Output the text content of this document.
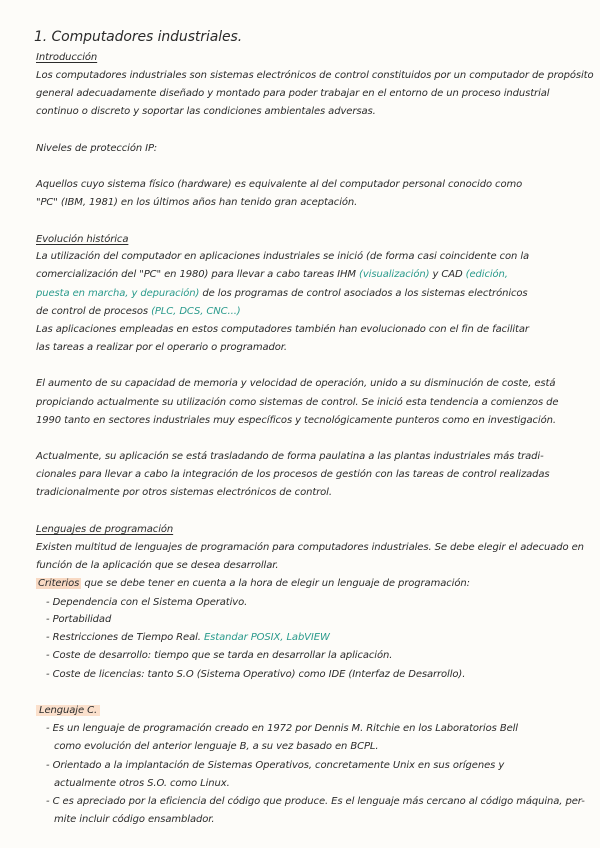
1. Computadores industriales.
Introducción
Los computadores industriales son sistemas electrónicos de control constituidos por un computador de propósito
general adecuadamente diseñado y montado para poder trabajar en el entorno de un proceso industrial
continuo o discreto y soportar las condiciones ambientales adversas.
Niveles de protección IP:
Aquellos cuyo sistema físico (hardware) es equivalente al del computador personal conocido como
"PC" (IBM, 1981) en los últimos años han tenido gran aceptación.
Evolución histórica
La utilización del computador en aplicaciones industriales se inició (de forma casi coincidente con la
comercialización del "PC" en 1980) para llevar a cabo tareas IHM (visualización) y CAD (edición,
puesta en marcha, y depuración) de los programas de control asociados a los sistemas electrónicos
de control de procesos (PLC, DCS, CNC...)
Las aplicaciones empleadas en estos computadores también han evolucionado con el fin de facilitar
las tareas a realizar por el operario o programador.
El aumento de su capacidad de memoria y velocidad de operación, unido a su disminución de coste, está
propiciando actualmente su utilización como sistemas de control. Se inició esta tendencia a comienzos de
1990 tanto en sectores industriales muy específicos y tecnológicamente punteros como en investigación.
Actualmente, su aplicación se está trasladando de forma paulatina a las plantas industriales más tradi-
cionales para llevar a cabo la integración de los procesos de gestión con las tareas de control realizadas
tradicionalmente por otros sistemas electrónicos de control.
Lenguajes de programación
Existen multitud de lenguajes de programación para computadores industriales. Se debe elegir el adecuado en
función de la aplicación que se desea desarrollar.
Criterios que se debe tener en cuenta a la hora de elegir un lenguaje de programación:
- Dependencia con el Sistema Operativo.
- Portabilidad
- Restricciones de Tiempo Real. Estandar POSIX, LabVIEW
- Coste de desarrollo: tiempo que se tarda en desarrollar la aplicación.
- Coste de licencias: tanto S.O (Sistema Operativo) como IDE (Interfaz de Desarrollo).
Lenguaje C.
- Es un lenguaje de programación creado en 1972 por Dennis M. Ritchie en los Laboratorios Bell
como evolución del anterior lenguaje B, a su vez basado en BCPL.
- Orientado a la implantación de Sistemas Operativos, concretamente Unix en sus orígenes y
actualmente otros S.O. como Linux.
- C es apreciado por la eficiencia del código que produce. Es el lenguaje más cercano al código máquina, per-
mite incluir código ensamblador.
